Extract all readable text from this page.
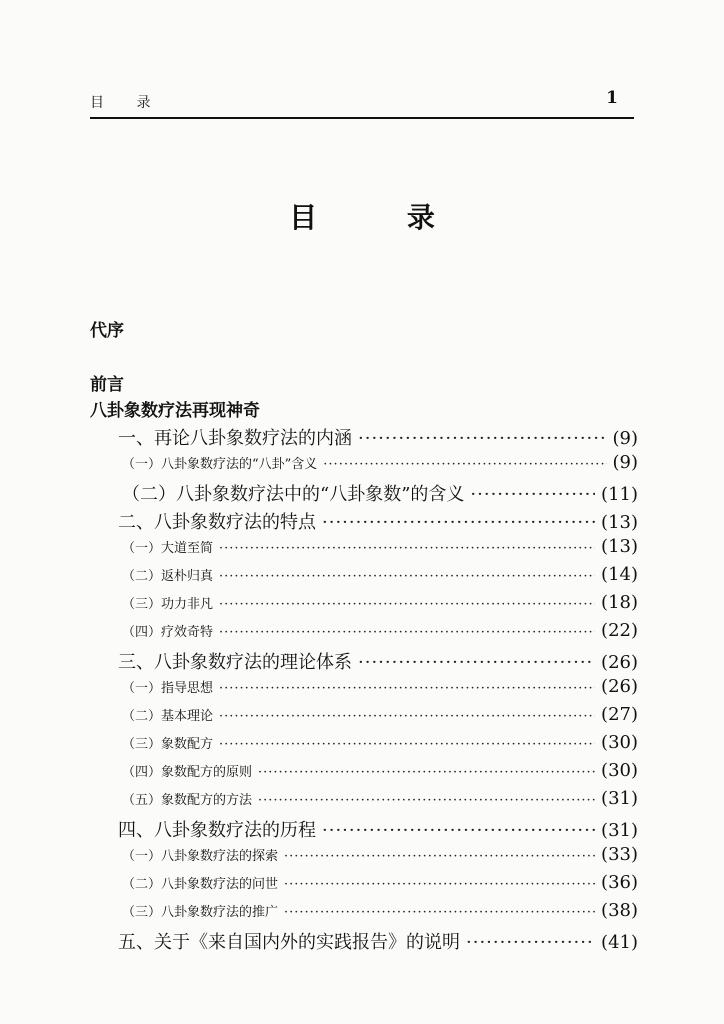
目 录	1
目 录
代序
前言
八卦象数疗法再现神奇
一、再论八卦象数疗法的内涵 ·····	(9)
（一）八卦象数疗法的“八卦”含义 ·····	(9)
（二）八卦象数疗法中的“八卦象数”的含义 ·····	(11)
二、八卦象数疗法的特点 ·····	(13)
（一）大道至简 ·····	(13)
（二）返朴归真 ·····	(14)
（三）功力非凡 ·····	(18)
（四）疗效奇特 ·····	(22)
三、八卦象数疗法的理论体系 ·····	(26)
（一）指导思想 ·····	(26)
（二）基本理论 ·····	(27)
（三）象数配方 ·····	(30)
（四）象数配方的原则 ·····	(30)
（五）象数配方的方法 ·····	(31)
四、八卦象数疗法的历程 ·····	(31)
（一）八卦象数疗法的探索 ·····	(33)
（二）八卦象数疗法的问世 ·····	(36)
（三）八卦象数疗法的推广 ·····	(38)
五、关于《来自国内外的实践报告》的说明 ·····	(41)
